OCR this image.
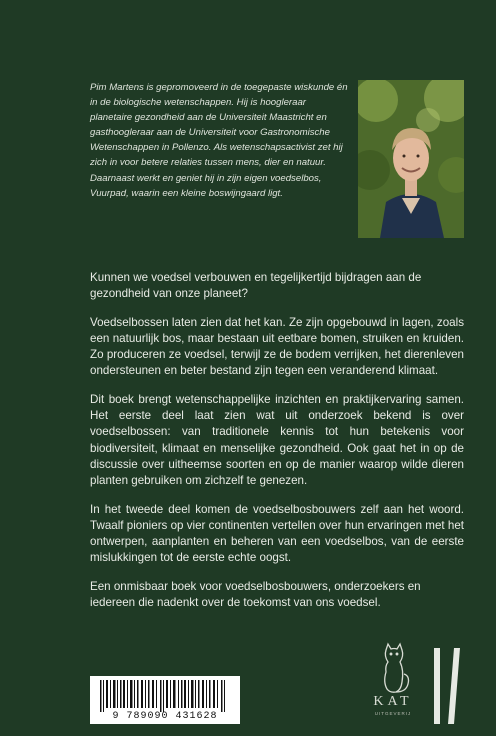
Pim Martens is gepromoveerd in de toegepaste wiskunde én in de biologische wetenschappen. Hij is hoogleraar planetaire gezondheid aan de Universiteit Maastricht en gasthoogleraar aan de Universiteit voor Gastronomische Wetenschappen in Pollenzo. Als wetenschapsactivist zet hij zich in voor betere relaties tussen mens, dier en natuur. Daarnaast werkt en geniet hij in zijn eigen voedselbos, Vuurpad, waarin een kleine boswijngaard ligt.

Kunnen we voedsel verbouwen en tegelijkertijd bijdragen aan de gezondheid van onze planeet?

Voedselbossen laten zien dat het kan. Ze zijn opgebouwd in lagen, zoals een natuurlijk bos, maar bestaan uit eetbare bomen, struiken en kruiden. Zo produceren ze voedsel, terwijl ze de bodem verrijken, het dierenleven ondersteunen en beter bestand zijn tegen een veranderend klimaat.

Dit boek brengt wetenschappelijke inzichten en praktijkervaring samen. Het eerste deel laat zien wat uit onderzoek bekend is over voedselbossen: van traditionele kennis tot hun betekenis voor biodiversiteit, klimaat en menselijke gezondheid. Ook gaat het in op de discussie over uitheemse soorten en op de manier waarop wilde dieren planten gebruiken om zichzelf te genezen.

In het tweede deel komen de voedselbosbouwers zelf aan het woord. Twaalf pioniers op vier continenten vertellen over hun ervaringen met het ontwerpen, aanplanten en beheren van een voedselbos, van de eerste mislukkingen tot de eerste echte oogst.

Een onmisbaar boek voor voedselbosbouwers, onderzoekers en iedereen die nadenkt over de toekomst van ons voedsel.

9 789090 431628
KAT
UITGEVERIJ
